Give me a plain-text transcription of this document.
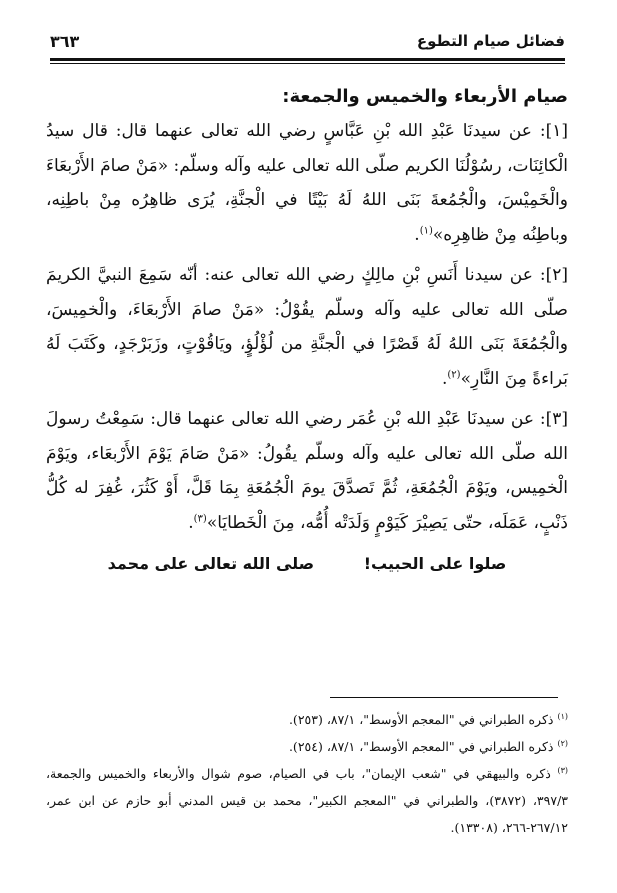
فضائل صيام التطوع
٣٦٣
صيام الأربعاء والخميس والجمعة:

[١]: عن سيدنَا عَبْدِ الله بْنِ عَبَّاسٍ رضي الله تعالى عنهما قال: قال سيدُ الْكائِنَات، رسُوْلُنَا الكريم صلّى الله تعالى عليه وآله وسلّم: «مَنْ صامَ الأَرْبعَاءَ والْخَمِيْسَ، والْجُمُعةَ بَنَى اللهُ لَهُ بَيْتًا في الْجنَّةِ، يُرَى ظاهِرُه مِنْ باطِنِه، وباطِنُه مِنْ ظاهِرِه»$^{(١)}$.

[٢]: عن سيدنا أَنَسِ بْنِ مالِكٍ رضي الله تعالى عنه: أنّه سَمِعَ النبيَّ الكريمَ صلّى الله تعالى عليه وآله وسلّم يقُوْلُ: «مَنْ صامَ الأَرْبعَاءَ، والْخمِيسَ، والْجُمُعَةَ بَنَى اللهُ لَهُ قَصْرًا في الْجنَّةِ من لُؤْلُؤٍ، ويَاقُوْتٍ، وزَبَرْجَدٍ، وكَتَبَ لَهُ بَراءةً مِنَ النَّارِ»$^{(٢)}$.

[٣]: عن سيدنَا عَبْدِ الله بْنِ عُمَر رضي الله تعالى عنهما قال: سَمِعْتُ رسولَ الله صلّى الله تعالى عليه وآله وسلّم يقُولُ: «مَنْ صَامَ يَوْمَ الأَرْبعَاء، ويَوْمَ الْخمِيس، ويَوْمَ الْجُمُعَةِ، ثُمَّ تَصدَّقَ يومَ الْجُمُعَةِ بِمَا قَلَّ، أَوْ كَثُرَ، غُفِرَ له كُلُّ ذَنْبٍ، عَمَلَه، حتّى يَصِيْرَ كَيَوْمٍ وَلَدَتْه أُمُّه، مِنَ الْخَطايَا»$^{(٣)}$.

صلوا على الحبيب! صلى الله تعالى على محمد

$^{(١)}$ ذكره الطبراني في "المعجم الأوسط"، ٨٧/١، (٢٥٣).

$^{(٢)}$ ذكره الطبراني في "المعجم الأوسط"، ٨٧/١، (٢٥٤).

$^{(٣)}$ ذكره والبيهقي في "شعب الإيمان"، باب في الصيام، صوم شوال والأربعاء والخميس والجمعة، ٣٩٧/٣، (٣٨٧٢)، والطبراني في "المعجم الكبير"، محمد بن قيس المدني أبو حازم عن ابن عمر، ٢٦٧/١٢-٢٦٦، (١٣٣٠٨).
